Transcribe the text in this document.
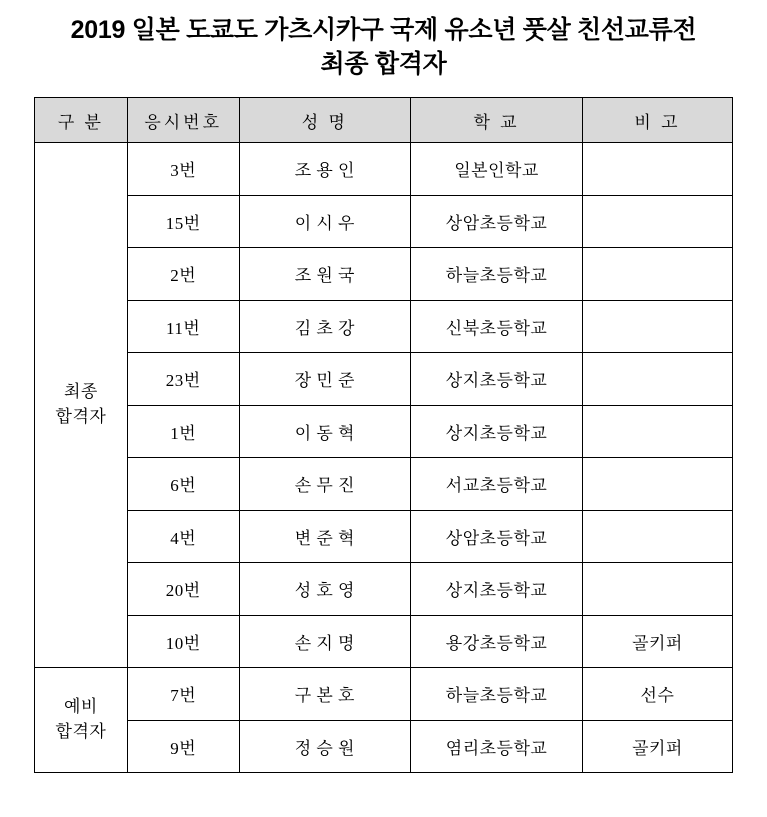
2019 일본 도쿄도 가츠시카구 국제 유소년 풋살 친선교류전
최종 합격자
구 분	응시번호	성 명	학 교	비 고

최종
합격자	3번	조 용 인	일본인학교	
	15번	이 시 우	상암초등학교	
	2번	조 원 국	하늘초등학교	
	11번	김 초 강	신북초등학교	
	23번	장 민 준	상지초등학교	
	1번	이 동 혁	상지초등학교	
	6번	손 무 진	서교초등학교	
	4번	변 준 혁	상암초등학교	
	20번	성 호 영	상지초등학교	
	10번	손 지 명	용강초등학교	골키퍼

예비
합격자	7번	구 본 호	하늘초등학교	선수
	9번	정 승 원	염리초등학교	골키퍼
